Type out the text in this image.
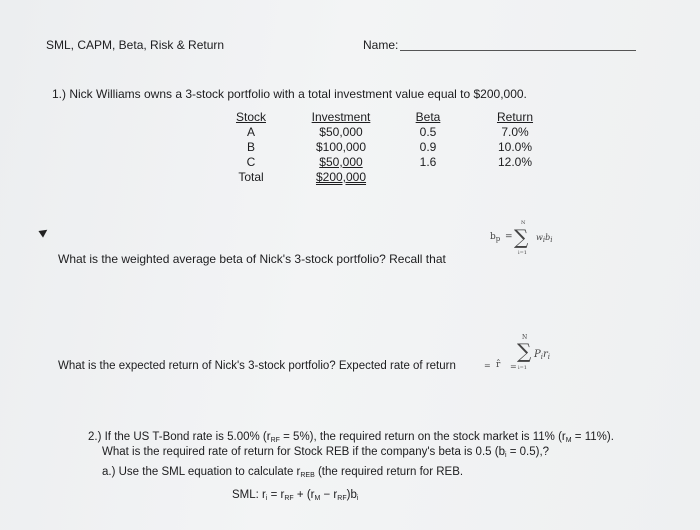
SML, CAPM, Beta, Risk & Return	Name:
1.) Nick Williams owns a 3-stock portfolio with a total investment value equal to $200,000.
Stock
A
B
C
Total
Investment
$50,000
$100,000
$50,000
$200,000
Beta
0.5
0.9
1.6
Return
7.0%
10.0%
12.0%
$b_p$ =
N
∑
i=1
wibi
What is the weighted average beta of Nick's 3-stock portfolio? Recall that
What is the expected return of Nick's 3-stock portfolio? Expected rate of return	= r̂ =
N
∑
i=1
$P_ir_i$
2.) If the US T-Bond rate is 5.00% $(r_{RF} = 5\%)$, the required return on the stock market is 11% $(r_M = 11\%)$.
What is the required rate of return for Stock REB if the company's beta is 0.5 $(b_i = 0.5)$,?
a.) Use the SML equation to calculate $r_{REB}$ (the required return for REB.
SML: $r_i = r_{RF} + (r_M - r_{RF})b_i$
